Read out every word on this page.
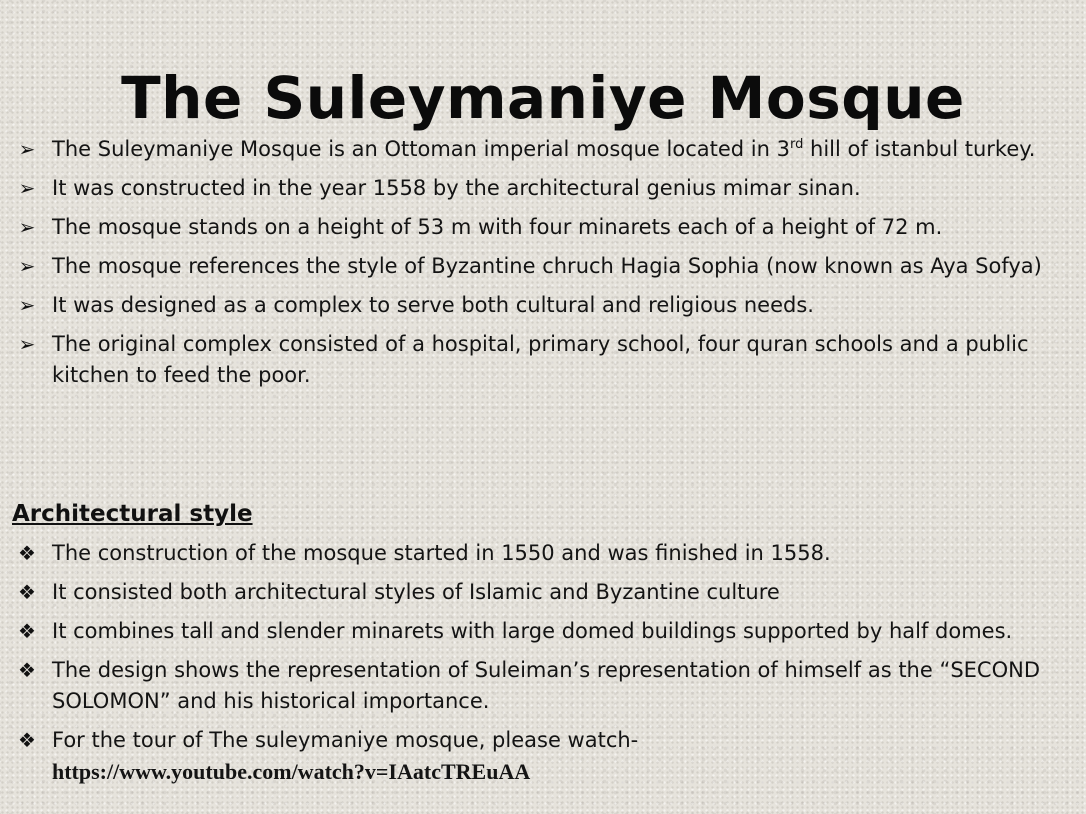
The Suleymaniye Mosque
➢ The Suleymaniye Mosque is an Ottoman imperial mosque located in 3rd hill of istanbul turkey.
➢ It was constructed in the year 1558 by the architectural genius mimar sinan.
➢ The mosque stands on a height of 53 m with four minarets each of a height of 72 m.
➢ The mosque references the style of Byzantine chruch Hagia Sophia (now known as Aya Sofya)
➢ It was designed as a complex to serve both cultural and religious needs.
➢ The original complex consisted of a hospital, primary school, four quran schools and a public kitchen to feed the poor.
Architectural style
❖ The construction of the mosque started in 1550 and was finished in 1558.
❖ It consisted both architectural styles of Islamic and Byzantine culture
❖ It combines tall and slender minarets with large domed buildings supported by half domes.
❖ The design shows the representation of Suleiman’s representation of himself as the “SECOND SOLOMON” and his historical importance.
❖ For the tour of The suleymaniye mosque, please watch-
https://www.youtube.com/watch?v=IAatcTREuAA
